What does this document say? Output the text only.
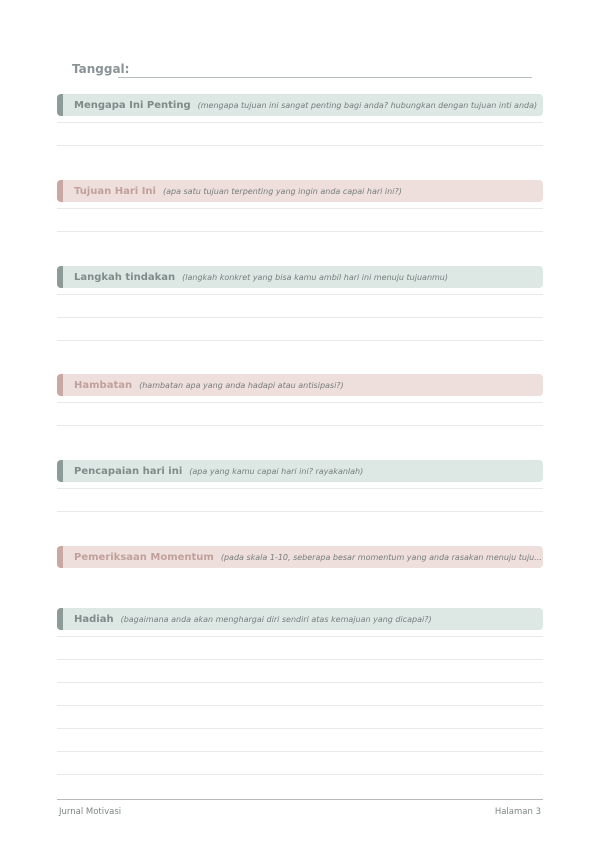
Tanggal:
Mengapa Ini Penting (mengapa tujuan ini sangat penting bagi anda? hubungkan dengan tujuan inti anda)
Tujuan Hari Ini (apa satu tujuan terpenting yang ingin anda capai hari ini?)
Langkah tindakan (langkah konkret yang bisa kamu ambil hari ini menuju tujuanmu)
Hambatan (hambatan apa yang anda hadapi atau antisipasi?)
Pencapaian hari ini (apa yang kamu capai hari ini? rayakanlah)
Pemeriksaan Momentum (pada skala 1-10, seberapa besar momentum yang anda rasakan menuju tuju...
Hadiah (bagaimana anda akan menghargai diri sendiri atas kemajuan yang dicapai?)
Jurnal Motivasi	Halaman 3
